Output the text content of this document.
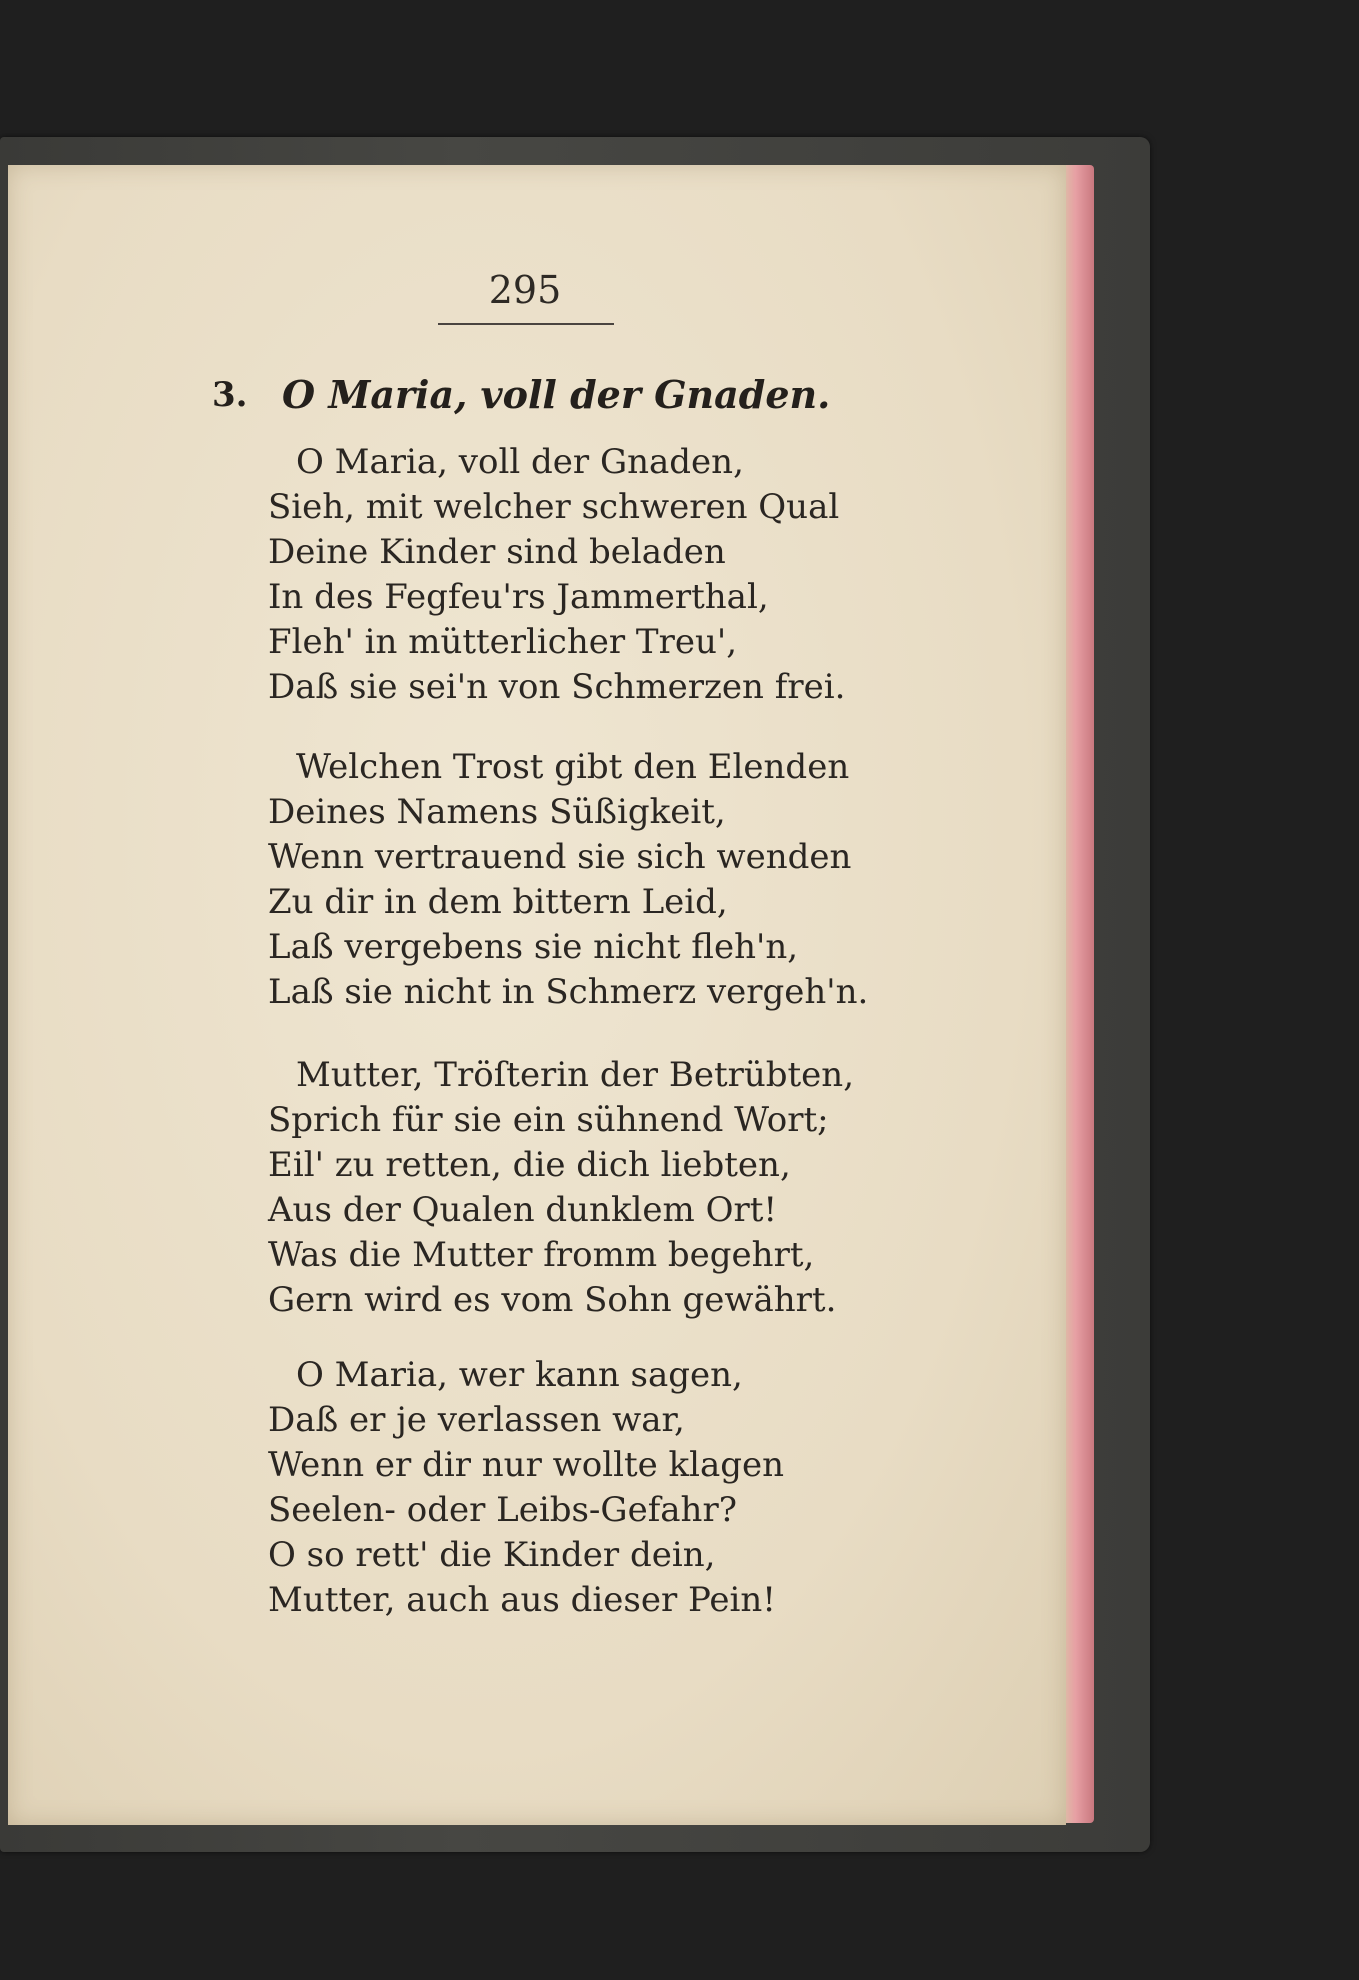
295
3. O Maria, voll der Gnaden.
O Maria, voll der Gnaden,
Sieh, mit welcher schweren Qual
Deine Kinder sind beladen
In des Fegfeu'rs Jammerthal,
Fleh' in mütterlicher Treu',
Daß sie sei'n von Schmerzen frei.
Welchen Trost gibt den Elenden
Deines Namens Süßigkeit,
Wenn vertrauend sie sich wenden
Zu dir in dem bittern Leid,
Laß vergebens sie nicht fleh'n,
Laß sie nicht in Schmerz vergeh'n.
Mutter, Tröſterin der Betrübten,
Sprich für sie ein sühnend Wort;
Eil' zu retten, die dich liebten,
Aus der Qualen dunklem Ort!
Was die Mutter fromm begehrt,
Gern wird es vom Sohn gewährt.
O Maria, wer kann sagen,
Daß er je verlassen war,
Wenn er dir nur wollte klagen
Seelen- oder Leibs-Gefahr?
O so rett' die Kinder dein,
Mutter, auch aus dieser Pein!
